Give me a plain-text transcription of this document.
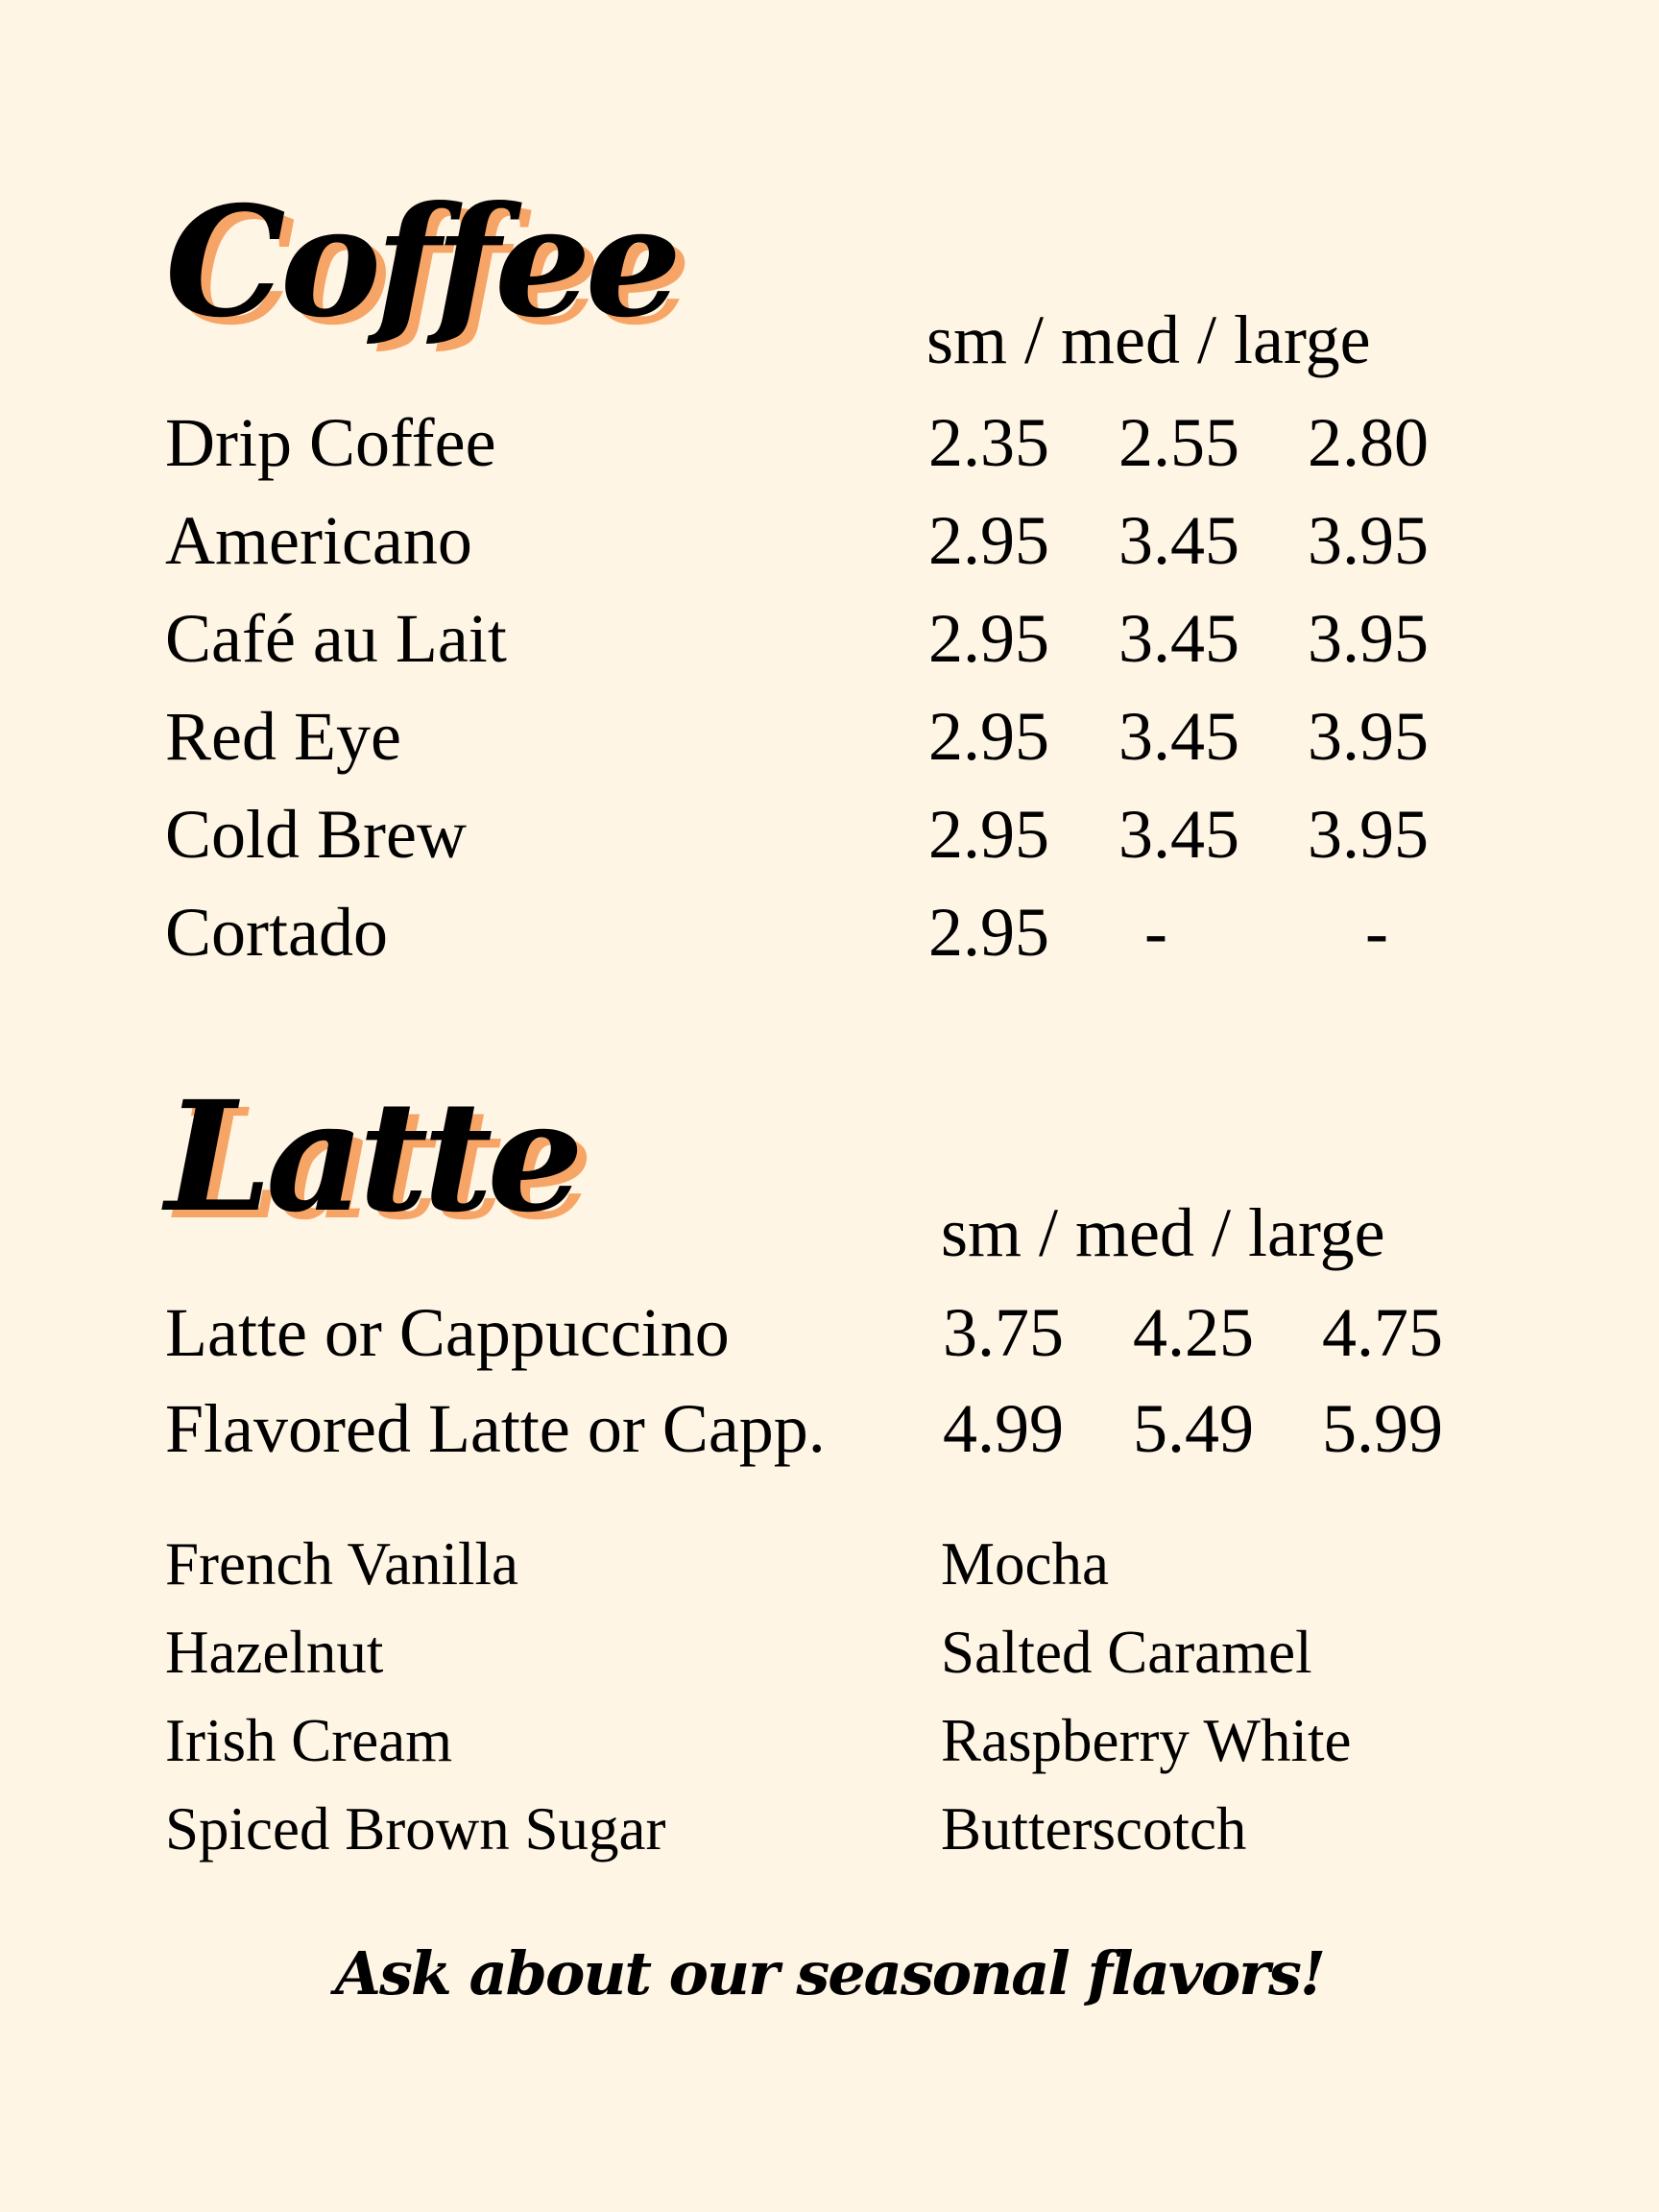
Coffee	sm / med / large
Drip Coffee	2.35 2.55 2.80
Americano	2.95 3.45 3.95
Café au Lait	2.95 3.45 3.95
Red Eye	2.95 3.45 3.95
Cold Brew	2.95 3.45 3.95
Cortado	2.95 -	-
Latte	sm / med / large
Latte or Cappuccino	3.75 4.25 4.75
Flavored Latte or Capp. 4.99 5.49 5.99
French Vanilla
Hazelnut
Irish Cream
Spiced Brown Sugar
Mocha
Salted Caramel
Raspberry White
Butterscotch
Ask about our seasonal flavors!
